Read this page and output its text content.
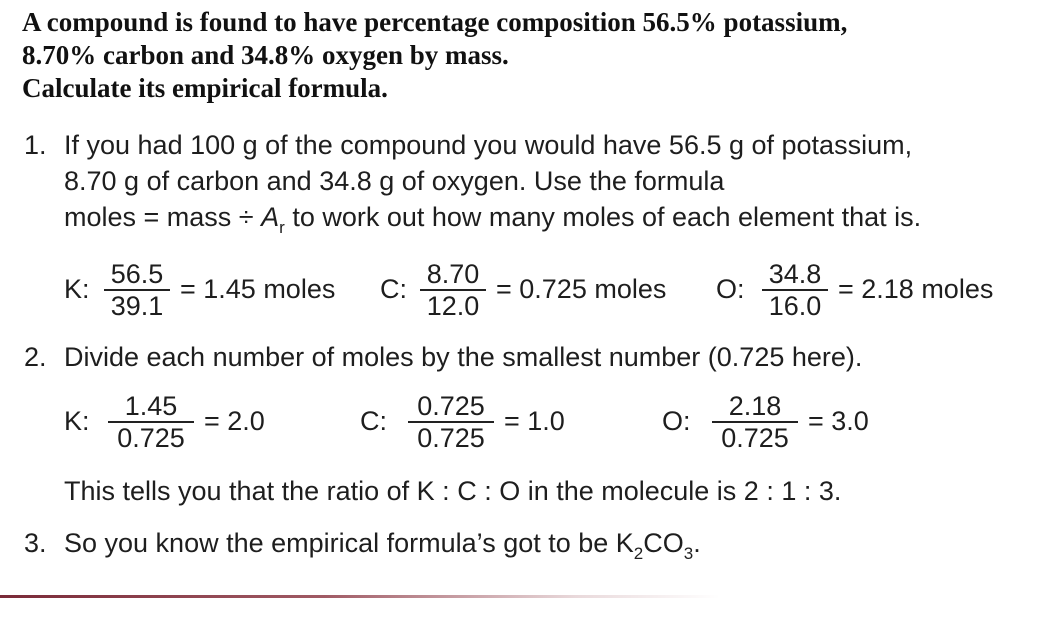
A compound is found to have percentage composition 56.5% potassium,
8.70% carbon and 34.8% oxygen by mass.
Calculate its empirical formula.
1. If you had 100 g of the compound you would have 56.5 g of potassium,
8.70 g of carbon and 34.8 g of oxygen. Use the formula
moles = mass ÷ $A_r$ to work out how many moles of each element that is.
K: 56.5
39.1
= 1.45 moles C: 8.70
12.0
= 0.725 moles O: 34.8
16.0
= 2.18 moles
2. Divide each number of moles by the smallest number (0.725 here).
K:	1.45
0.725
= 2.0	C:	0.725
0.725
= 1.0	O:	2.18
0.725
= 3.0
This tells you that the ratio of K : C : O in the molecule is 2 : 1 : 3.
3. So you know the empirical formula’s got to be $K_2CO_3$.
